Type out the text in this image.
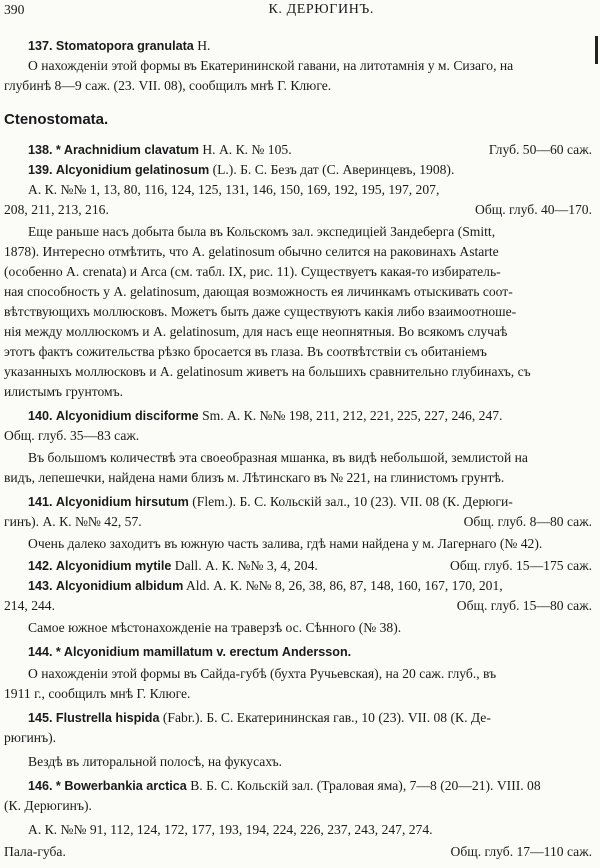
390	К. ДЕРЮГИНЪ.
137. Stomatopora granulata H.
О нахожденіи этой формы въ Екатерининской гавани, на литотамнія у м. Сизаго, на
глубинѣ 8—9 саж. (23. VII. 08), сообщилъ мнѣ Г. Клюге.
Ctenostomata.
138. * Arachnidium clavatum Н. А. К. № 105.	Глуб. 50—60 саж.
139. Alcyonidium gelatinosum (L.). Б. С. Безъ дат (С. Аверинцевъ, 1908).
А. К. №№ 1, 13, 80, 116, 124, 125, 131, 146, 150, 169, 192, 195, 197, 207,
208, 211, 213, 216.	Общ. глуб. 40—170.
Еще раньше насъ добыта была въ Кольскомъ зал. экспедиціей Зандеберга (Smitt,
1878). Интересно отмѣтить, что A. gelatinosum обычно селится на раковинахъ Astarte
(особенно A. crenata) и Arca (см. табл. IX, рис. 11). Существуетъ какая-то избиратель-
ная способность у A. gelatinosum, дающая возможность ея личинкамъ отыскивать соот-
вѣтствующихъ моллюсковъ. Можетъ быть даже существуютъ какія либо взаимоотноше-
нія между моллюскомъ и A. gelatinosum, для насъ еще неопнятныя. Во всякомъ случаѣ
этотъ фактъ сожительства рѣзко бросается въ глаза. Въ соотвѣтствіи съ обитаніемъ
указанныхъ моллюсковъ и A. gelatinosum живетъ на большихъ сравнительно глубинахъ, съ
илистымъ грунтомъ.
140. Alcyonidium disciforme Sm. А. К. №№ 198, 211, 212, 221, 225, 227, 246, 247.
Общ. глуб. 35—83 саж.
Въ большомъ количествѣ эта своеобразная мшанка, въ видѣ небольшой, землистой на
видъ, лепешечки, найдена нами близъ м. Лѣтинскаго въ № 221, на глинистомъ грунтѣ.
141. Alcyonidium hirsutum (Flem.). Б. С. Кольскій зал., 10 (23). VII. 08 (К. Дерюги-
гинъ). А. К. №№ 42, 57.	Общ. глуб. 8—80 саж.
Очень далеко заходитъ въ южную часть залива, гдѣ нами найдена у м. Лагернаго (№ 42).
142. Alcyonidium mytile Dall. А. К. №№ 3, 4, 204.	Общ. глуб. 15—175 саж.
143. Alcyonidium albidum Ald. А. К. №№ 8, 26, 38, 86, 87, 148, 160, 167, 170, 201,
214, 244.	Общ. глуб. 15—80 саж.
Самое южное мѣстонахожденіе на траверзѣ ос. Сѣнного (№ 38).
144. * Alcyonidium mamillatum v. erectum Andersson.
О нахожденіи этой формы въ Сайда-губѣ (бухта Ручьевская), на 20 саж. глуб., въ
1911 г., сообщилъ мнѣ Г. Клюге.
145. Flustrella hispida (Fabr.). Б. С. Екатерининская гав., 10 (23). VII. 08 (К. Де-
рюгинъ).
Вездѣ въ литоральной полосѣ, на фукусахъ.
146. * Bowerbankia arctica В. Б. С. Кольскій зал. (Траловая яма), 7—8 (20—21). VIII. 08
(К. Дерюгинъ).
А. К. №№ 91, 112, 124, 172, 177, 193, 194, 224, 226, 237, 243, 247, 274.
Пала-губа.	Общ. глуб. 17—110 саж.
